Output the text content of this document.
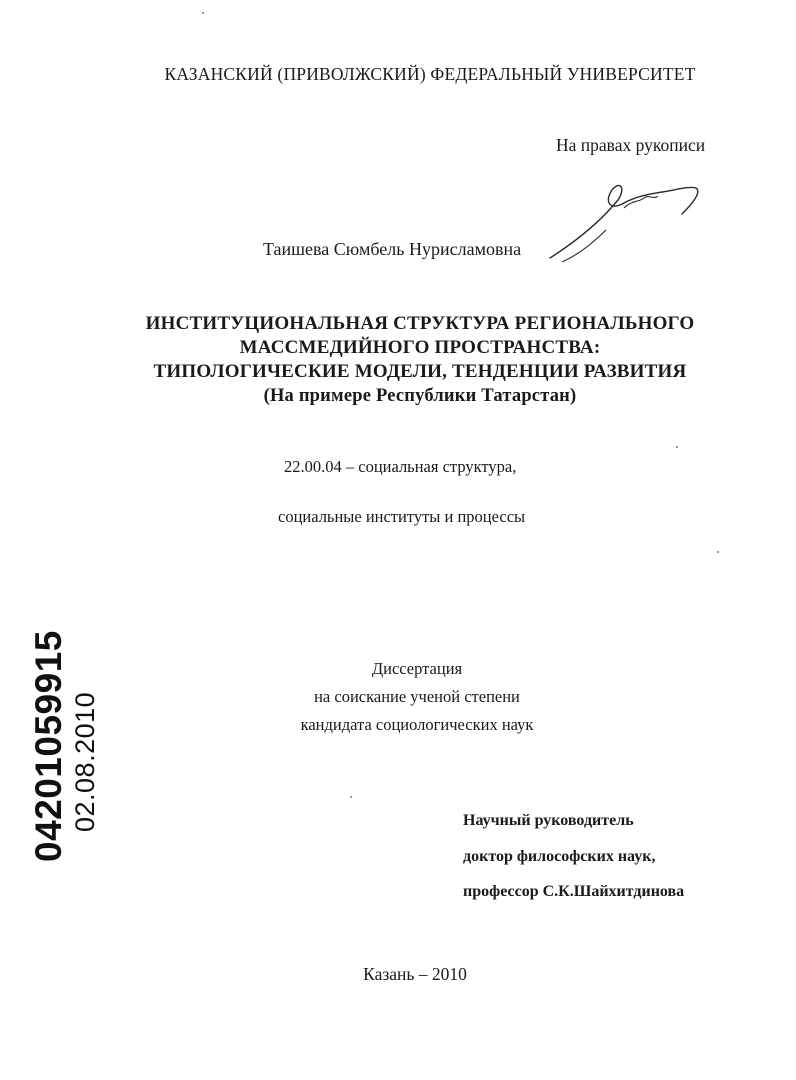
КАЗАНСКИЙ (ПРИВОЛЖСКИЙ) ФЕДЕРАЛЬНЫЙ УНИВЕРСИТЕТ
На правах рукописи
Таишева Сюмбель Нурисламовна
ИНСТИТУЦИОНАЛЬНАЯ СТРУКТУРА РЕГИОНАЛЬНОГО
МАССМЕДИЙНОГО ПРОСТРАНСТВА:
ТИПОЛОГИЧЕСКИЕ МОДЕЛИ, ТЕНДЕНЦИИ РАЗВИТИЯ
(На примере Республики Татарстан)
22.00.04 – социальная структура,
социальные институты и процессы
Диссертация
на соискание ученой степени
кандидата социологических наук
Научный руководитель
доктор философских наук,
профессор С.К.Шайхитдинова
Казань – 2010
04201059915
02.08.2010
